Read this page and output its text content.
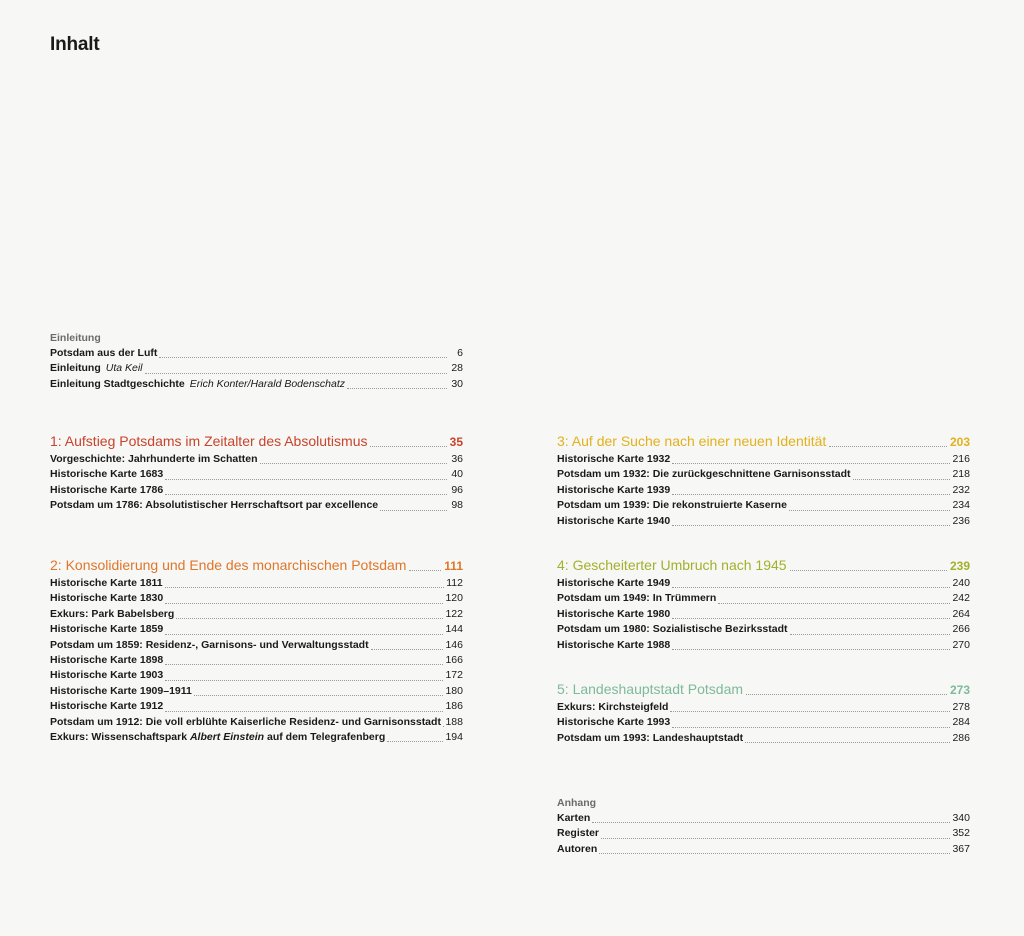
Inhalt
Einleitung
Potsdam aus der Luft	6
Einleitung Uta Keil	28
Einleitung Stadtgeschichte Erich Konter/Harald Bodenschatz	30
1: Aufstieg Potsdams im Zeitalter des Absolutismus	35
Vorgeschichte: Jahrhunderte im Schatten	36
Historische Karte 1683	40
Historische Karte 1786	96
Potsdam um 1786: Absolutistischer Herrschaftsort par excellence	98
2: Konsolidierung und Ende des monarchischen Potsdam	111
Historische Karte 1811	112
Historische Karte 1830	120
Exkurs: Park Babelsberg	122
Historische Karte 1859	144
Potsdam um 1859: Residenz-, Garnisons- und Verwaltungsstadt	146
Historische Karte 1898	166
Historische Karte 1903	172
Historische Karte 1909–1911	180
Historische Karte 1912	186
Potsdam um 1912: Die voll erblühte Kaiserliche Residenz- und Garnisonsstadt 188
Exkurs: Wissenschaftspark Albert Einstein auf dem Telegrafenberg	194
3: Auf der Suche nach einer neuen Identität	203
Historische Karte 1932	216
Potsdam um 1932: Die zurückgeschnittene Garnisonsstadt	218
Historische Karte 1939	232
Potsdam um 1939: Die rekonstruierte Kaserne	234
Historische Karte 1940	236
4: Gescheiterter Umbruch nach 1945	239
Historische Karte 1949	240
Potsdam um 1949: In Trümmern	242
Historische Karte 1980	264
Potsdam um 1980: Sozialistische Bezirksstadt	266
Historische Karte 1988	270
5: Landeshauptstadt Potsdam	273
Exkurs: Kirchsteigfeld	278
Historische Karte 1993	284
Potsdam um 1993: Landeshauptstadt	286
Anhang
Karten	340
Register	352
Autoren	367
